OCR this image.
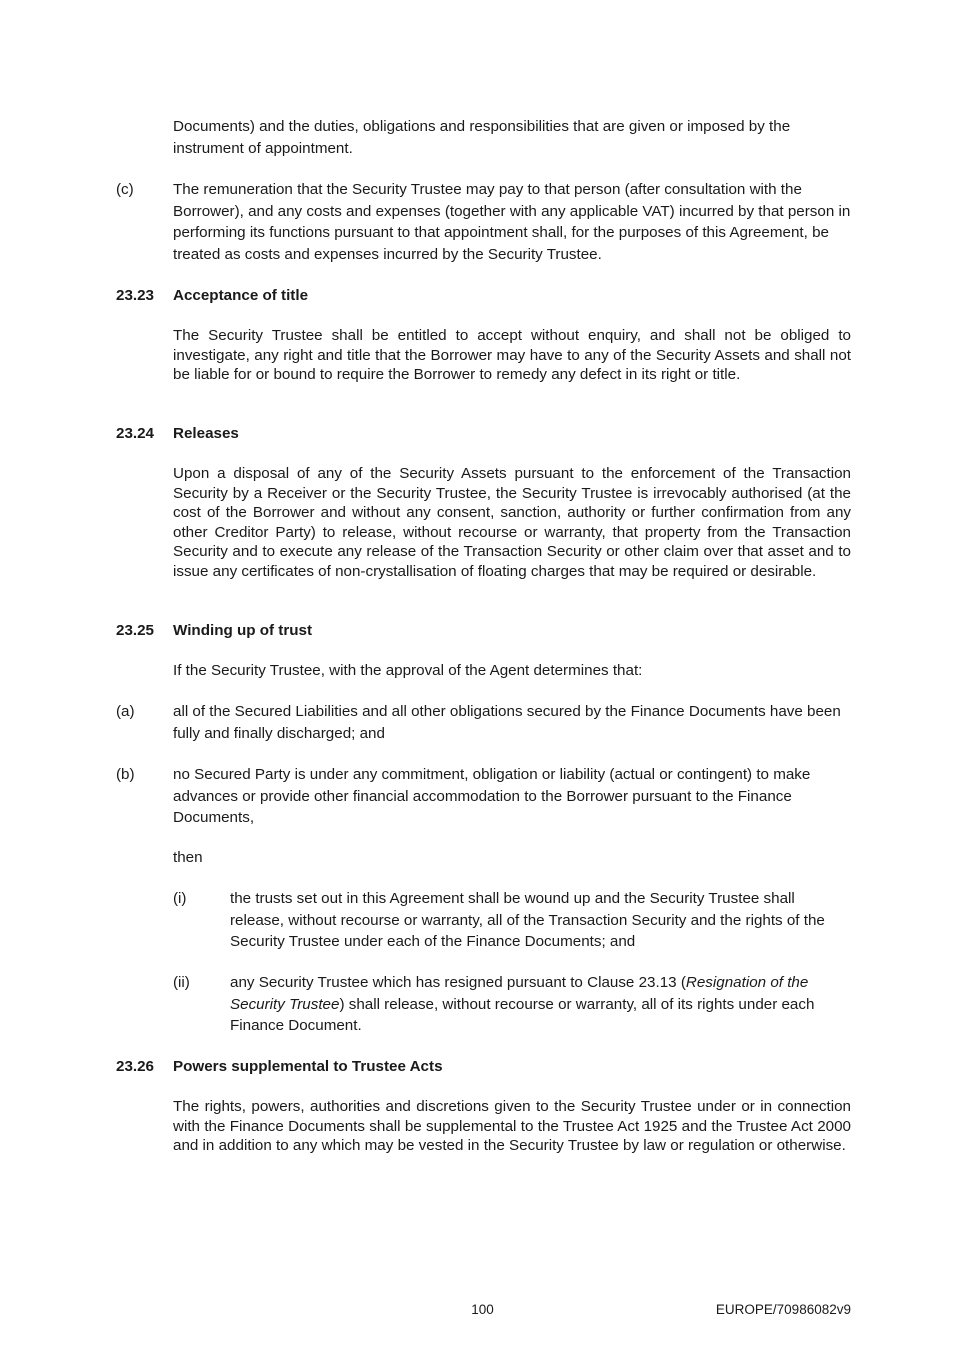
Documents) and the duties, obligations and responsibilities that are given or imposed by the instrument of appointment.

(c)	The remuneration that the Security Trustee may pay to that person (after consultation with the Borrower), and any costs and expenses (together with any applicable VAT) incurred by that person in performing its functions pursuant to that appointment shall, for the purposes of this Agreement, be treated as costs and expenses incurred by the Security Trustee.

23.23 Acceptance of title

The Security Trustee shall be entitled to accept without enquiry, and shall not be obliged to investigate, any right and title that the Borrower may have to any of the Security Assets and shall not be liable for or bound to require the Borrower to remedy any defect in its right or title.

23.24 Releases

Upon a disposal of any of the Security Assets pursuant to the enforcement of the Transaction Security by a Receiver or the Security Trustee, the Security Trustee is irrevocably authorised (at the cost of the Borrower and without any consent, sanction, authority or further confirmation from any other Creditor Party) to release, without recourse or warranty, that property from the Transaction Security and to execute any release of the Transaction Security or other claim over that asset and to issue any certificates of non-crystallisation of floating charges that may be required or desirable.

23.25 Winding up of trust

If the Security Trustee, with the approval of the Agent determines that:

(a)	all of the Secured Liabilities and all other obligations secured by the Finance Documents have been fully and finally discharged; and

(b)	no Secured Party is under any commitment, obligation or liability (actual or contingent) to make advances or provide other financial accommodation to the Borrower pursuant to the Finance Documents,

then

(i)	the trusts set out in this Agreement shall be wound up and the Security Trustee shall release, without recourse or warranty, all of the Transaction Security and the rights of the Security Trustee under each of the Finance Documents; and

(ii)	any Security Trustee which has resigned pursuant to Clause 23.13 (Resignation of the Security Trustee) shall release, without recourse or warranty, all of its rights under each Finance Document.

23.26 Powers supplemental to Trustee Acts

The rights, powers, authorities and discretions given to the Security Trustee under or in connection with the Finance Documents shall be supplemental to the Trustee Act 1925 and the Trustee Act 2000 and in addition to any which may be vested in the Security Trustee by law or regulation or otherwise.

100	EUROPE/70986082v9
